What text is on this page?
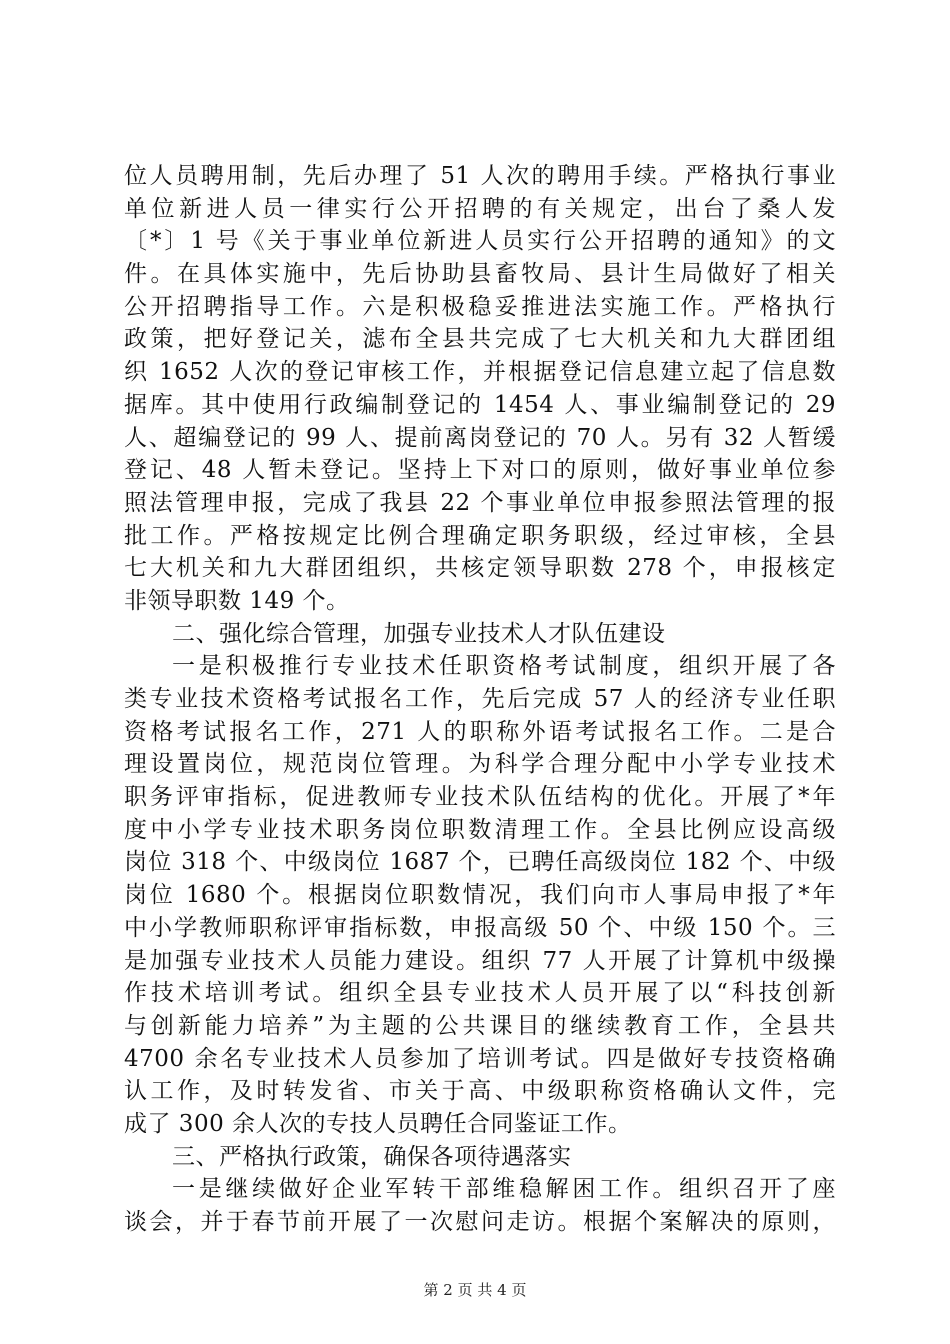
位人员聘用制，先后办理了 51 人次的聘用手续。严格执行事业
单位新进人员一律实行公开招聘的有关规定，出台了桑人发
〔*〕1 号《关于事业单位新进人员实行公开招聘的通知》的文
件。在具体实施中，先后协助县畜牧局、县计生局做好了相关
公开招聘指导工作。六是积极稳妥推进法实施工作。严格执行
政策，把好登记关，滤布全县共完成了七大机关和九大群团组
织 1652 人次的登记审核工作，并根据登记信息建立起了信息数
据库。其中使用行政编制登记的 1454 人、事业编制登记的 29
人、超编登记的 99 人、提前离岗登记的 70 人。另有 32 人暂缓
登记、48 人暂未登记。坚持上下对口的原则，做好事业单位参
照法管理申报，完成了我县 22 个事业单位申报参照法管理的报
批工作。严格按规定比例合理确定职务职级，经过审核，全县
七大机关和九大群团组织，共核定领导职数 278 个，申报核定
非领导职数 149 个。
二、强化综合管理，加强专业技术人才队伍建设
一是积极推行专业技术任职资格考试制度，组织开展了各
类专业技术资格考试报名工作，先后完成 57 人的经济专业任职
资格考试报名工作，271 人的职称外语考试报名工作。二是合
理设置岗位，规范岗位管理。为科学合理分配中小学专业技术
职务评审指标，促进教师专业技术队伍结构的优化。开展了*年
度中小学专业技术职务岗位职数清理工作。全县比例应设高级
岗位 318 个、中级岗位 1687 个，已聘任高级岗位 182 个、中级
岗位 1680 个。根据岗位职数情况，我们向市人事局申报了*年
中小学教师职称评审指标数，申报高级 50 个、中级 150 个。三
是加强专业技术人员能力建设。组织 77 人开展了计算机中级操
作技术培训考试。组织全县专业技术人员开展了以“科技创新
与创新能力培养”为主题的公共课目的继续教育工作，全县共
4700 余名专业技术人员参加了培训考试。四是做好专技资格确
认工作，及时转发省、市关于高、中级职称资格确认文件，完
成了 300 余人次的专技人员聘任合同鉴证工作。
三、严格执行政策，确保各项待遇落实
一是继续做好企业军转干部维稳解困工作。组织召开了座
谈会，并于春节前开展了一次慰问走访。根据个案解决的原则，
第 2 页 共 4 页
